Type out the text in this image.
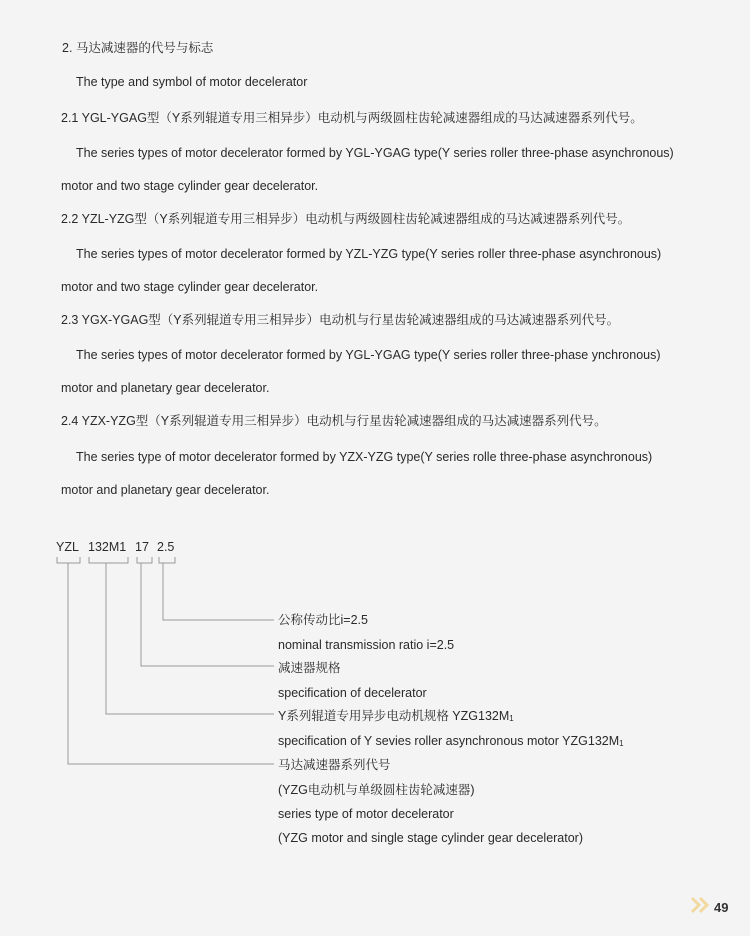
2. 马达减速器的代号与标志
The type and symbol of motor decelerator
2.1 YGL-YGAG型（Y系列辊道专用三相异步）电动机与两级圆柱齿轮减速器组成的马达减速器系列代号。
The series types of motor decelerator formed by YGL-YGAG type(Y series roller three-phase asynchronous)
motor and two stage cylinder gear decelerator.
2.2 YZL-YZG型（Y系列辊道专用三相异步）电动机与两级圆柱齿轮减速器组成的马达减速器系列代号。
The series types of motor decelerator formed by YZL-YZG type(Y series roller three-phase asynchronous)
motor and two stage cylinder gear decelerator.
2.3 YGX-YGAG型（Y系列辊道专用三相异步）电动机与行星齿轮减速器组成的马达减速器系列代号。
The series types of motor decelerator formed by YGL-YGAG type(Y series roller three-phase ynchronous)
motor and planetary gear decelerator.
2.4 YZX-YZG型（Y系列辊道专用三相异步）电动机与行星齿轮减速器组成的马达减速器系列代号。
The series type of motor decelerator formed by YZX-YZG type(Y series rolle three-phase asynchronous)
motor and planetary gear decelerator.
YZL 132M1 17 2.5
公称传动比i=2.5
nominal transmission ratio i=2.5
减速器规格
specification of decelerator
Y系列辊道专用异步电动机规格 YZG132M1
specification of Y sevies roller asynchronous motor YZG132M1
马达减速器系列代号
(YZG电动机与单级圆柱齿轮减速器)
series type of motor decelerator
(YZG motor and single stage cylinder gear decelerator)
49
